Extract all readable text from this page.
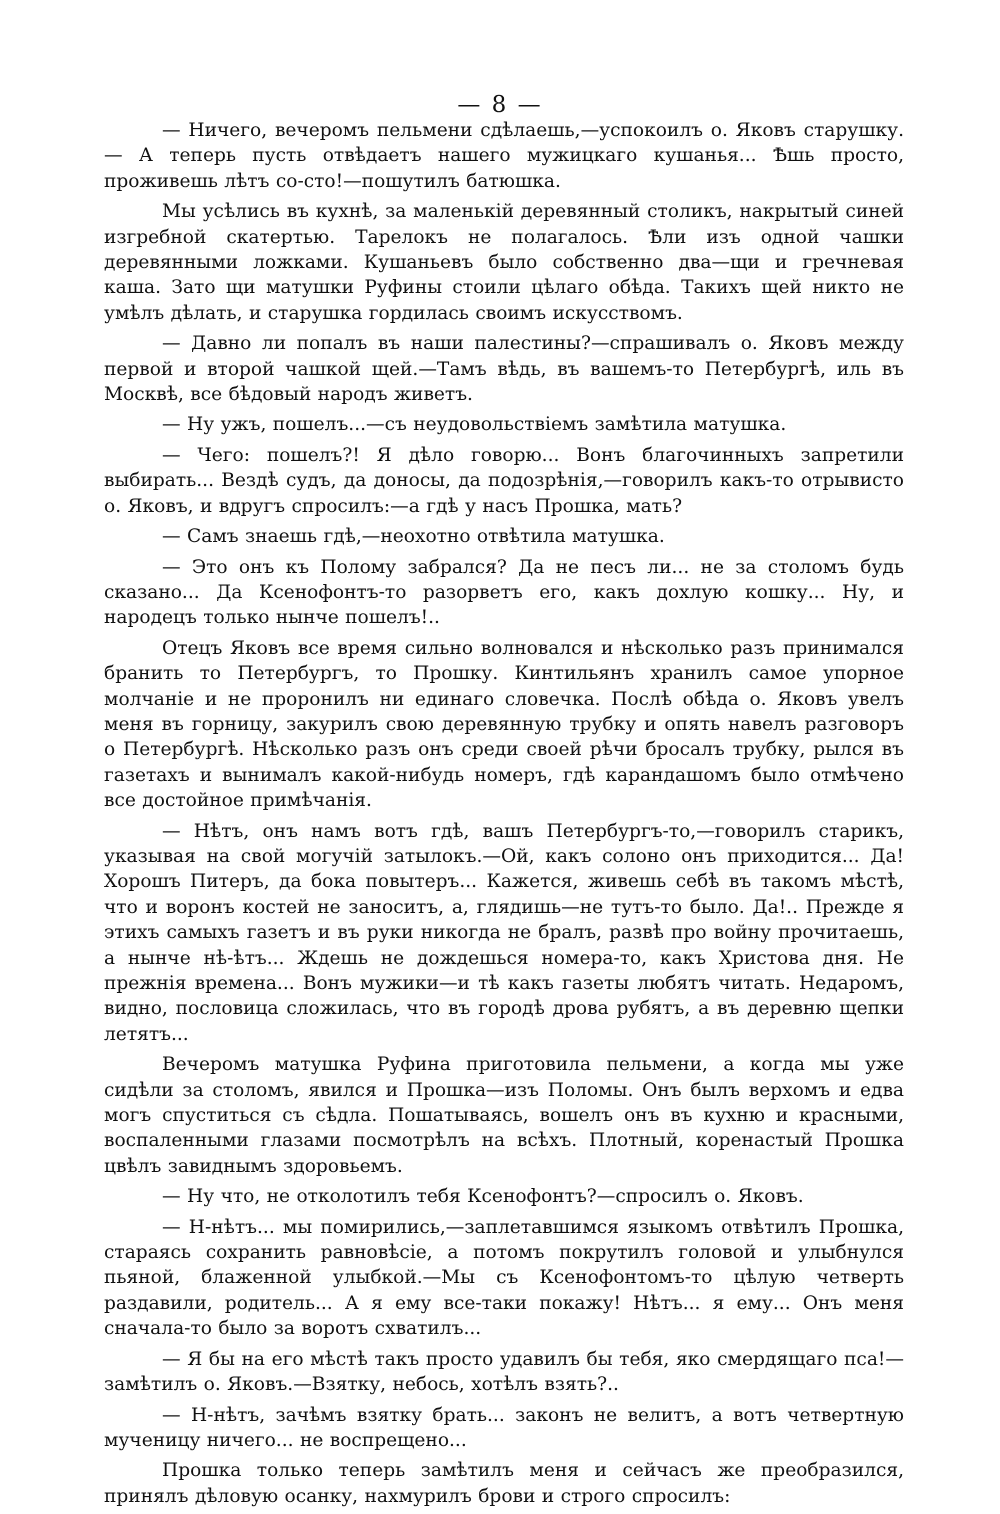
— 8 —

— Ничего, вечеромъ пельмени сдѣлаешь,—успокоилъ о. Яковъ старушку.— А теперь пусть отвѣдаетъ нашего мужицкаго кушанья... Ѣшь просто, проживешь лѣтъ со-сто!—пошутилъ батюшка.

Мы усѣлись въ кухнѣ, за маленькій деревянный столикъ, накрытый синей изгребной скатертью. Тарелокъ не полагалось. Ѣли изъ одной чашки деревянными ложками. Кушаньевъ было собственно два—щи и гречневая каша. Зато щи матушки Руфины стоили цѣлаго обѣда. Такихъ щей никто не умѣлъ дѣлать, и старушка гордилась своимъ искусствомъ.

— Давно ли попалъ въ наши палестины?—спрашивалъ о. Яковъ между первой и второй чашкой щей.—Тамъ вѣдь, въ вашемъ-то Петербургѣ, иль въ Москвѣ, все бѣдовый народъ живетъ.

— Ну ужъ, пошелъ...—съ неудовольствіемъ замѣтила матушка.

— Чего: пошелъ?! Я дѣло говорю... Вонъ благочинныхъ запретили выбирать... Вездѣ судъ, да доносы, да подозрѣнія,—говорилъ какъ-то отрывисто о. Яковъ, и вдругъ спросилъ:—а гдѣ у насъ Прошка, мать?

— Самъ знаешь гдѣ,—неохотно отвѣтила матушка.

— Это онъ къ Полому забрался? Да не песъ ли... не за столомъ будь сказано... Да Ксенофонтъ-то разорветъ его, какъ дохлую кошку... Ну, и народецъ только нынче пошелъ!..

Отецъ Яковъ все время сильно волновался и нѣсколько разъ принимался бранить то Петербургъ, то Прошку. Кинтильянъ хранилъ самое упорное молчаніе и не проронилъ ни единаго словечка. Послѣ обѣда о. Яковъ увелъ меня въ горницу, закурилъ свою деревянную трубку и опять навелъ разговоръ о Петербургѣ. Нѣсколько разъ онъ среди своей рѣчи бросалъ трубку, рылся въ газетахъ и вынималъ какой-нибудь номеръ, гдѣ карандашомъ было отмѣчено все достойное примѣчанія.

— Нѣтъ, онъ намъ вотъ гдѣ, вашъ Петербургъ-то,—говорилъ старикъ, указывая на свой могучій затылокъ.—Ой, какъ солоно онъ приходится... Да! Хорошъ Питеръ, да бока повытеръ... Кажется, живешь себѣ въ такомъ мѣстѣ, что и воронъ костей не заноситъ, а, глядишь—не тутъ-то было. Да!.. Прежде я этихъ самыхъ газетъ и въ руки никогда не бралъ, развѣ про войну прочитаешь, а нынче нѣ-ѣтъ... Ждешь не дождешься номера-то, какъ Христова дня. Не прежнія времена... Вонъ мужики—и тѣ какъ газеты любятъ читать. Недаромъ, видно, пословица сложилась, что въ городѣ дрова рубятъ, а въ деревню щепки летятъ...

Вечеромъ матушка Руфина приготовила пельмени, а когда мы уже сидѣли за столомъ, явился и Прошка—изъ Поломы. Онъ былъ верхомъ и едва могъ спуститься съ сѣдла. Пошатываясь, вошелъ онъ въ кухню и красными, воспаленными глазами посмотрѣлъ на всѣхъ. Плотный, коренастый Прошка цвѣлъ завиднымъ здоровьемъ.

— Ну что, не отколотилъ тебя Ксенофонтъ?—спросилъ о. Яковъ.

— Н-нѣтъ... мы помирились,—заплетавшимся языкомъ отвѣтилъ Прошка, стараясь сохранить равновѣсіе, а потомъ покрутилъ головой и улыбнулся пьяной, блаженной улыбкой.—Мы съ Ксенофонтомъ-то цѣлую четверть раздавили, родитель... А я ему все-таки покажу! Нѣтъ... я ему... Онъ меня сначала-то было за воротъ схватилъ...

— Я бы на его мѣстѣ такъ просто удавилъ бы тебя, яко смердящаго пса!—замѣтилъ о. Яковъ.—Взятку, небось, хотѣлъ взять?..

— Н-нѣтъ, зачѣмъ взятку брать... законъ не велитъ, а вотъ четвертную мученицу ничего... не воспрещено...

Прошка только теперь замѣтилъ меня и сейчасъ же преобразился, принялъ дѣловую осанку, нахмурилъ брови и строго спросилъ:
